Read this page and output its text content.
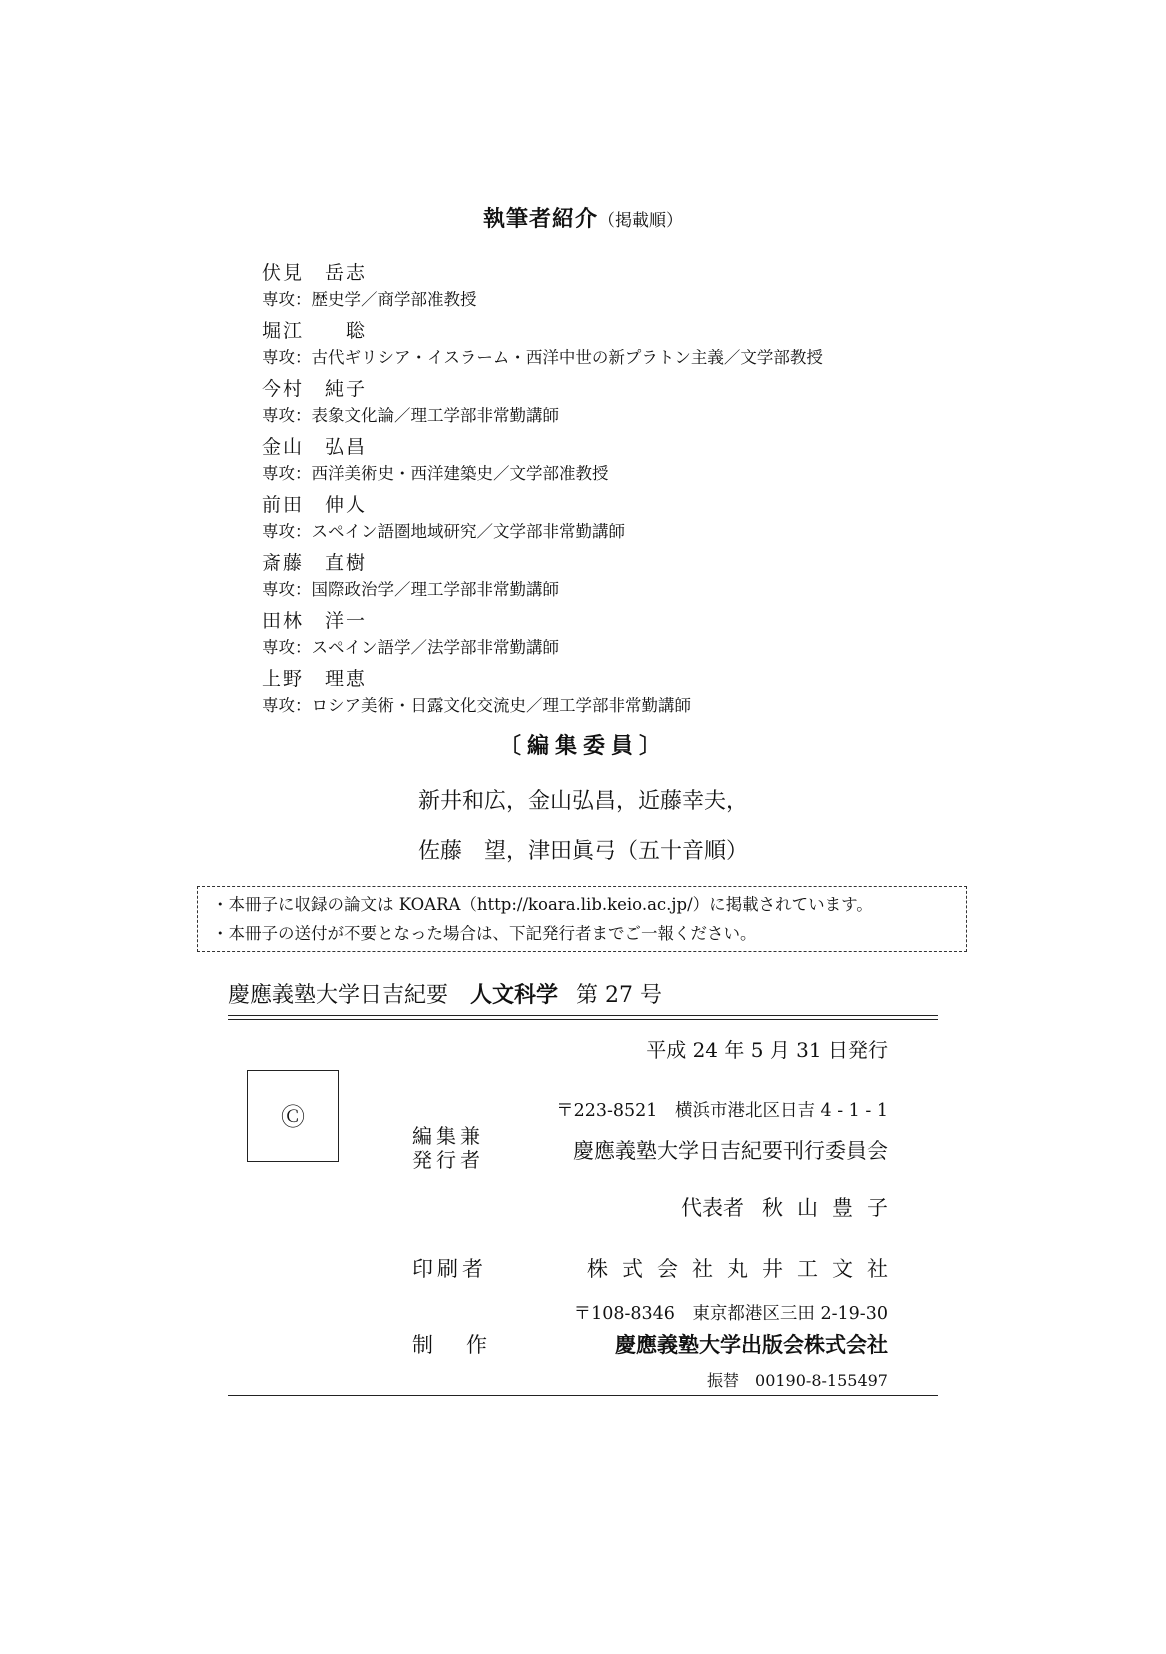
執筆者紹介（掲載順）
伏見　岳志
専攻：歴史学／商学部准教授
堀江　　聡
専攻：古代ギリシア・イスラーム・西洋中世の新プラトン主義／文学部教授
今村　純子
専攻：表象文化論／理工学部非常勤講師
金山　弘昌
専攻：西洋美術史・西洋建築史／文学部准教授
前田　伸人
専攻：スペイン語圏地域研究／文学部非常勤講師
斎藤　直樹
専攻：国際政治学／理工学部非常勤講師
田林　洋一
専攻：スペイン語学／法学部非常勤講師
上野　理恵
専攻：ロシア美術・日露文化交流史／理工学部非常勤講師
〔編集委員〕
新井和広，金山弘昌，近藤幸夫，
佐藤　望，津田眞弓（五十音順）
・本冊子に収録の論文は KOARA（http://koara.lib.keio.ac.jp/）に掲載されています。
・本冊子の送付が不要となった場合は、下記発行者までご一報ください。
慶應義塾大学日吉紀要 人文科学 第 27 号
平成 24 年 5 月 31 日発行
Ⓒ	〒223-8521　横浜市港北区日吉 4 - 1 - 1
編集兼
発行者	慶應義塾大学日吉紀要刊行委員会
代表者 秋山豊子
印刷者	株式会社丸井工文社
〒108-8346　東京都港区三田 2-19-30
制　作	慶應義塾大学出版会株式会社
振替　00190-8-155497
